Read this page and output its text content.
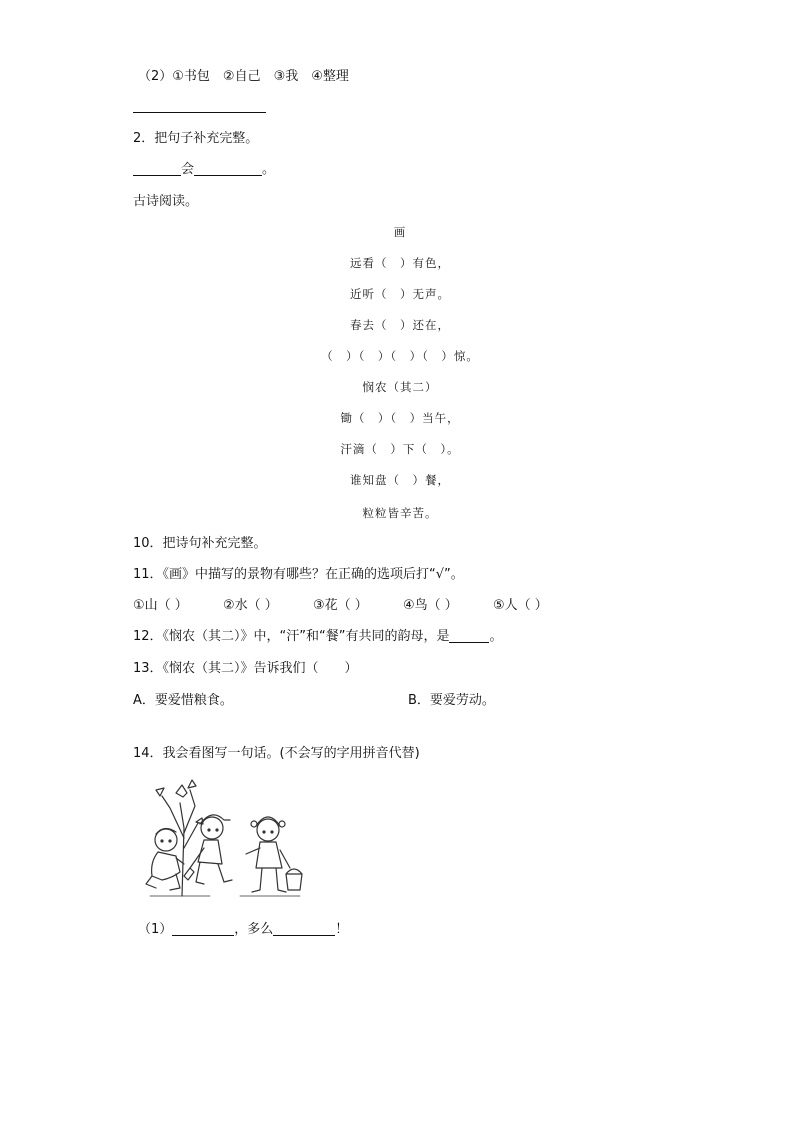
（2）①书包　②自己　③我　④整理
2．把句子补充完整。
会	。
古诗阅读。
画
远看（　）有色，
近听（　）无声。
春去（　）还在，
（　）（　）（　）（　）惊。
悯农（其二）
锄（　）（　）当午，
汗滴（　）下（　）。
谁知盘（　）餐，
粒粒皆辛苦。
10．把诗句补充完整。
11．《画》中描写的景物有哪些？在正确的选项后打“√”。
①山（ ）	②水（ ）	③花（ ）	④鸟（ ）	⑤人（ ）
12．《悯农（其二）》中，“汗”和“餐”有共同的韵母，是	。
13．《悯农（其二）》告诉我们（　　）
A．要爱惜粮食。	B．要爱劳动。
14．我会看图写一句话。(不会写的字用拼音代替)
（1）	，多么	！
